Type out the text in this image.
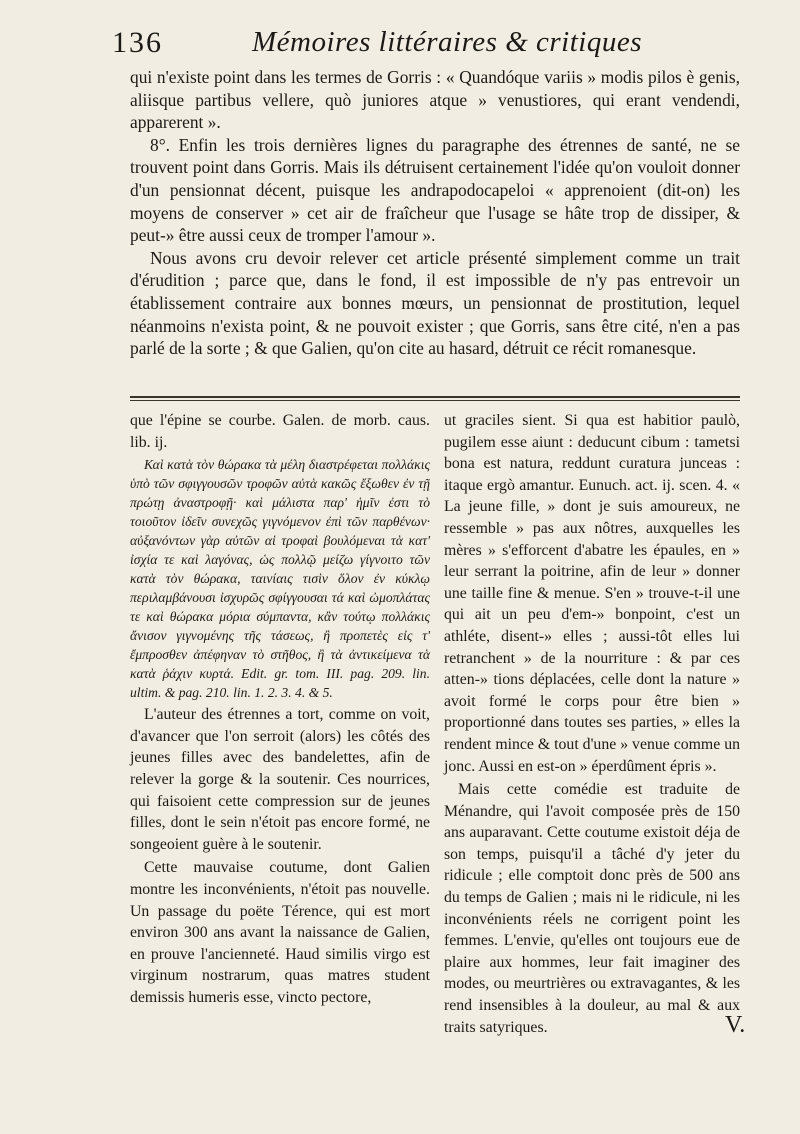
136	Mémoires littéraires & critiques

qui n'existe point dans les termes de Gorris : « Quandóque variis » modis pilos è genis, aliisque partibus vellere, quò juniores atque » venustiores, qui erant vendendi, apparerent ».

8°. Enfin les trois dernières lignes du paragraphe des étrennes de santé, ne se trouvent point dans Gorris. Mais ils détruisent certainement l'idée qu'on vouloit donner d'un pensionnat décent, puisque les andrapodocapeloi « apprenoient (dit-on) les moyens de conserver » cet air de fraîcheur que l'usage se hâte trop de dissiper, & peut-» être aussi ceux de tromper l'amour ».

Nous avons cru devoir relever cet article présenté simplement comme un trait d'érudition ; parce que, dans le fond, il est impossible de n'y pas entrevoir un établissement contraire aux bonnes mœurs, un pensionnat de prostitution, lequel néanmoins n'exista point, & ne pouvoit exister ; que Gorris, sans être cité, n'en a pas parlé de la sorte ; & que Galien, qu'on cite au hasard, détruit ce récit romanesque.

que l'épine se courbe. Galen. de morb. caus. lib. ij.

Καὶ κατὰ τὸν θώρακα τὰ μέλη διαστρέφεται πολλάκις ὑπὸ τῶν σφιγγουσῶν τροφῶν αὐτὰ κακῶς ἔξωθεν ἐν τῇ πρώτῃ ἀναστροφῇ· καὶ μάλιστα παρ' ἡμῖν ἐστι τὸ τοιοῦτον ἰδεῖν συνεχῶς γιγνόμενον ἐπὶ τῶν παρθένων· αὐξανόντων γὰρ αὐτῶν αἱ τροφαὶ βουλόμεναι τὰ κατ' ἰσχία τε καὶ λαγόνας, ὡς πολλῷ μείζω γίγνοιτο τῶν κατὰ τὸν θώρακα, ταινίαις τισὶν ὅλον ἐν κύκλῳ περιλαμβάνουσι ἰσχυρῶς σφίγγουσαι τά καὶ ὠμοπλάτας τε καὶ θώρακα μόρια σύμπαντα, κἂν τούτῳ πολλάκις ἄνισον γιγνομένης τῆς τάσεως, ἢ προπετὲς εἰς τ' ἔμπροσθεν ἀπέφηναν τὸ στῆθος, ἢ τὰ ἀντικείμενα τὰ κατὰ ῥάχιν κυρτά. Edit. gr. tom. III. pag. 209. lin. ultim. & pag. 210. lin. 1. 2. 3. 4. & 5.

L'auteur des étrennes a tort, comme on voit, d'avancer que l'on serroit (alors) les côtés des jeunes filles avec des bandelettes, afin de relever la gorge & la soutenir. Ces nourrices, qui faisoient cette compression sur de jeunes filles, dont le sein n'étoit pas encore formé, ne songeoient guère à le soutenir.

Cette mauvaise coutume, dont Galien montre les inconvénients, n'étoit pas nouvelle. Un passage du poëte Térence, qui est mort environ 300 ans avant la naissance de Galien, en prouve l'ancienneté. Haud similis virgo est virginum nostrarum, quas matres student demissis humeris esse, vincto pectore,

ut graciles sient. Si qua est habitior paulò, pugilem esse aiunt : deducunt cibum : tametsi bona est natura, reddunt curatura junceas : itaque ergò amantur. Eunuch. act. ij. scen. 4. « La jeune fille, » dont je suis amoureux, ne ressemble » pas aux nôtres, auxquelles les mères » s'efforcent d'abatre les épaules, en » leur serrant la poitrine, afin de leur » donner une taille fine & menue. S'en » trouve-t-il une qui ait un peu d'em-» bonpoint, c'est un athléte, disent-» elles ; aussi-tôt elles lui retranchent » de la nourriture : & par ces atten-» tions déplacées, celle dont la nature » avoit formé le corps pour être bien » proportionné dans toutes ses parties, » elles la rendent mince & tout d'une » venue comme un jonc. Aussi en est-on » éperdûment épris ».

Mais cette comédie est traduite de Ménandre, qui l'avoit composée près de 150 ans auparavant. Cette coutume existoit déja de son temps, puisqu'il a tâché d'y jeter du ridicule ; elle comptoit donc près de 500 ans du temps de Galien ; mais ni le ridicule, ni les inconvénients réels ne corrigent point les femmes. L'envie, qu'elles ont toujours eue de plaire aux hommes, leur fait imaginer des modes, ou meurtrières ou extravagantes, & les rend insensibles à la douleur, au mal & aux traits satyriques.	V.
